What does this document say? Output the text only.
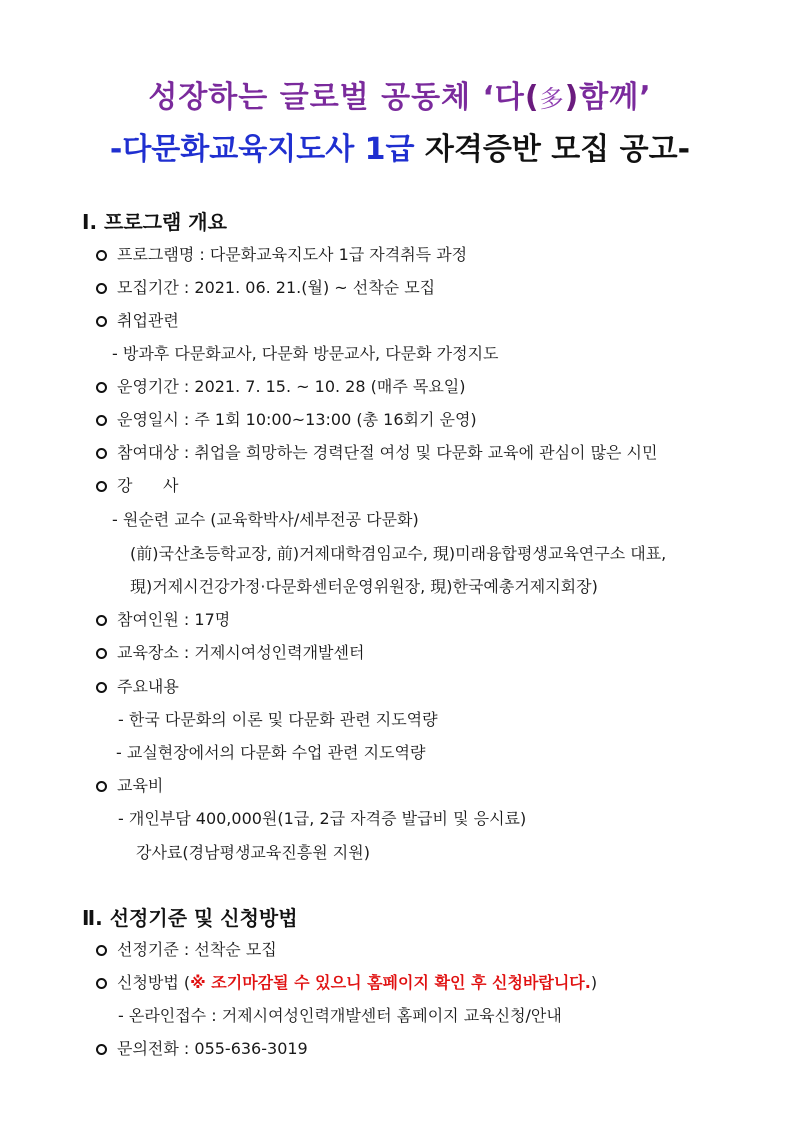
성장하는 글로벌 공동체 ‘다(多)함께’
-다문화교육지도사 1급 자격증반 모집 공고-
Ⅰ. 프로그램 개요
프로그램명 : 다문화교육지도사 1급 자격취득 과정
모집기간 : 2021. 06. 21.(월) ~ 선착순 모집
취업관련
- 방과후 다문화교사, 다문화 방문교사, 다문화 가정지도
운영기간 : 2021. 7. 15. ~ 10. 28 (매주 목요일)
운영일시 : 주 1회 10:00~13:00 (총 16회기 운영)
참여대상 : 취업을 희망하는 경력단절 여성 및 다문화 교육에 관심이 많은 시민
강      사
- 원순련 교수 (교육학박사/세부전공 다문화)
(前)국산초등학교장, 前)거제대학겸임교수, 現)미래융합평생교육연구소 대표,
現)거제시건강가정·다문화센터운영위원장, 現)한국예총거제지회장)
참여인원 : 17명
교육장소 : 거제시여성인력개발센터
주요내용
- 한국 다문화의 이론 및 다문화 관련 지도역량
- 교실현장에서의 다문화 수업 관련 지도역량
교육비
- 개인부담 400,000원(1급, 2급 자격증 발급비 및 응시료)
강사료(경남평생교육진흥원 지원)
Ⅱ. 선정기준 및 신청방법
선정기준 : 선착순 모집
신청방법 (※ 조기마감될 수 있으니 홈페이지 확인 후 신청바랍니다.)
- 온라인접수 : 거제시여성인력개발센터 홈페이지 교육신청/안내
문의전화 : 055-636-3019
